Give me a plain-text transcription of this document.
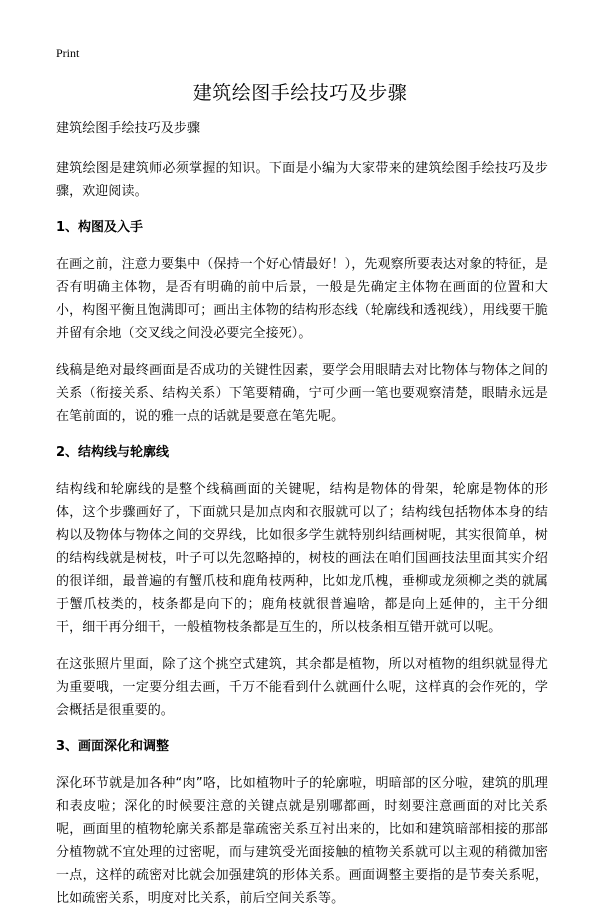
Print
建筑绘图手绘技巧及步骤

建筑绘图手绘技巧及步骤

建筑绘图是建筑师必须掌握的知识。下面是小编为大家带来的建筑绘图手绘技巧及步骤，欢迎阅读。

1、构图及入手

在画之前，注意力要集中（保持一个好心情最好！），先观察所要表达对象的特征，是否有明确主体物，是否有明确的前中后景，一般是先确定主体物在画面的位置和大小，构图平衡且饱满即可；画出主体物的结构形态线（轮廓线和透视线），用线要干脆并留有余地（交叉线之间没必要完全接死）。

线稿是绝对最终画面是否成功的关键性因素，要学会用眼睛去对比物体与物体之间的关系（衔接关系、结构关系）下笔要精确，宁可少画一笔也要观察清楚，眼睛永远是在笔前面的，说的雅一点的话就是要意在笔先呢。

2、结构线与轮廓线

结构线和轮廓线的是整个线稿画面的关键呢，结构是物体的骨架，轮廓是物体的形体，这个步骤画好了，下面就只是加点肉和衣服就可以了；结构线包括物体本身的结构以及物体与物体之间的交界线，比如很多学生就特别纠结画树呢，其实很简单，树的结构线就是树枝，叶子可以先忽略掉的，树枝的画法在咱们国画技法里面其实介绍的很详细，最普遍的有蟹爪枝和鹿角枝两种，比如龙爪槐，垂柳或龙须柳之类的就属于蟹爪枝类的，枝条都是向下的；鹿角枝就很普遍啥，都是向上延伸的，主干分细干，细干再分细干，一般植物枝条都是互生的，所以枝条相互错开就可以呢。

在这张照片里面，除了这个挑空式建筑，其余都是植物，所以对植物的组织就显得尤为重要哦，一定要分组去画，千万不能看到什么就画什么呢，这样真的会作死的，学会概括是很重要的。

3、画面深化和调整

深化环节就是加各种“肉”咯，比如植物叶子的轮廓啦，明暗部的区分啦，建筑的肌理和表皮啦；深化的时候要注意的关键点就是别哪都画，时刻要注意画面的对比关系呢，画面里的植物轮廓关系都是靠疏密关系互衬出来的，比如和建筑暗部相接的那部分植物就不宜处理的过密呢，而与建筑受光面接触的植物关系就可以主观的稍微加密一点，这样的疏密对比就会加强建筑的形体关系。画面调整主要指的是节奏关系呢，比如疏密关系，明度对比关系，前后空间关系等。
